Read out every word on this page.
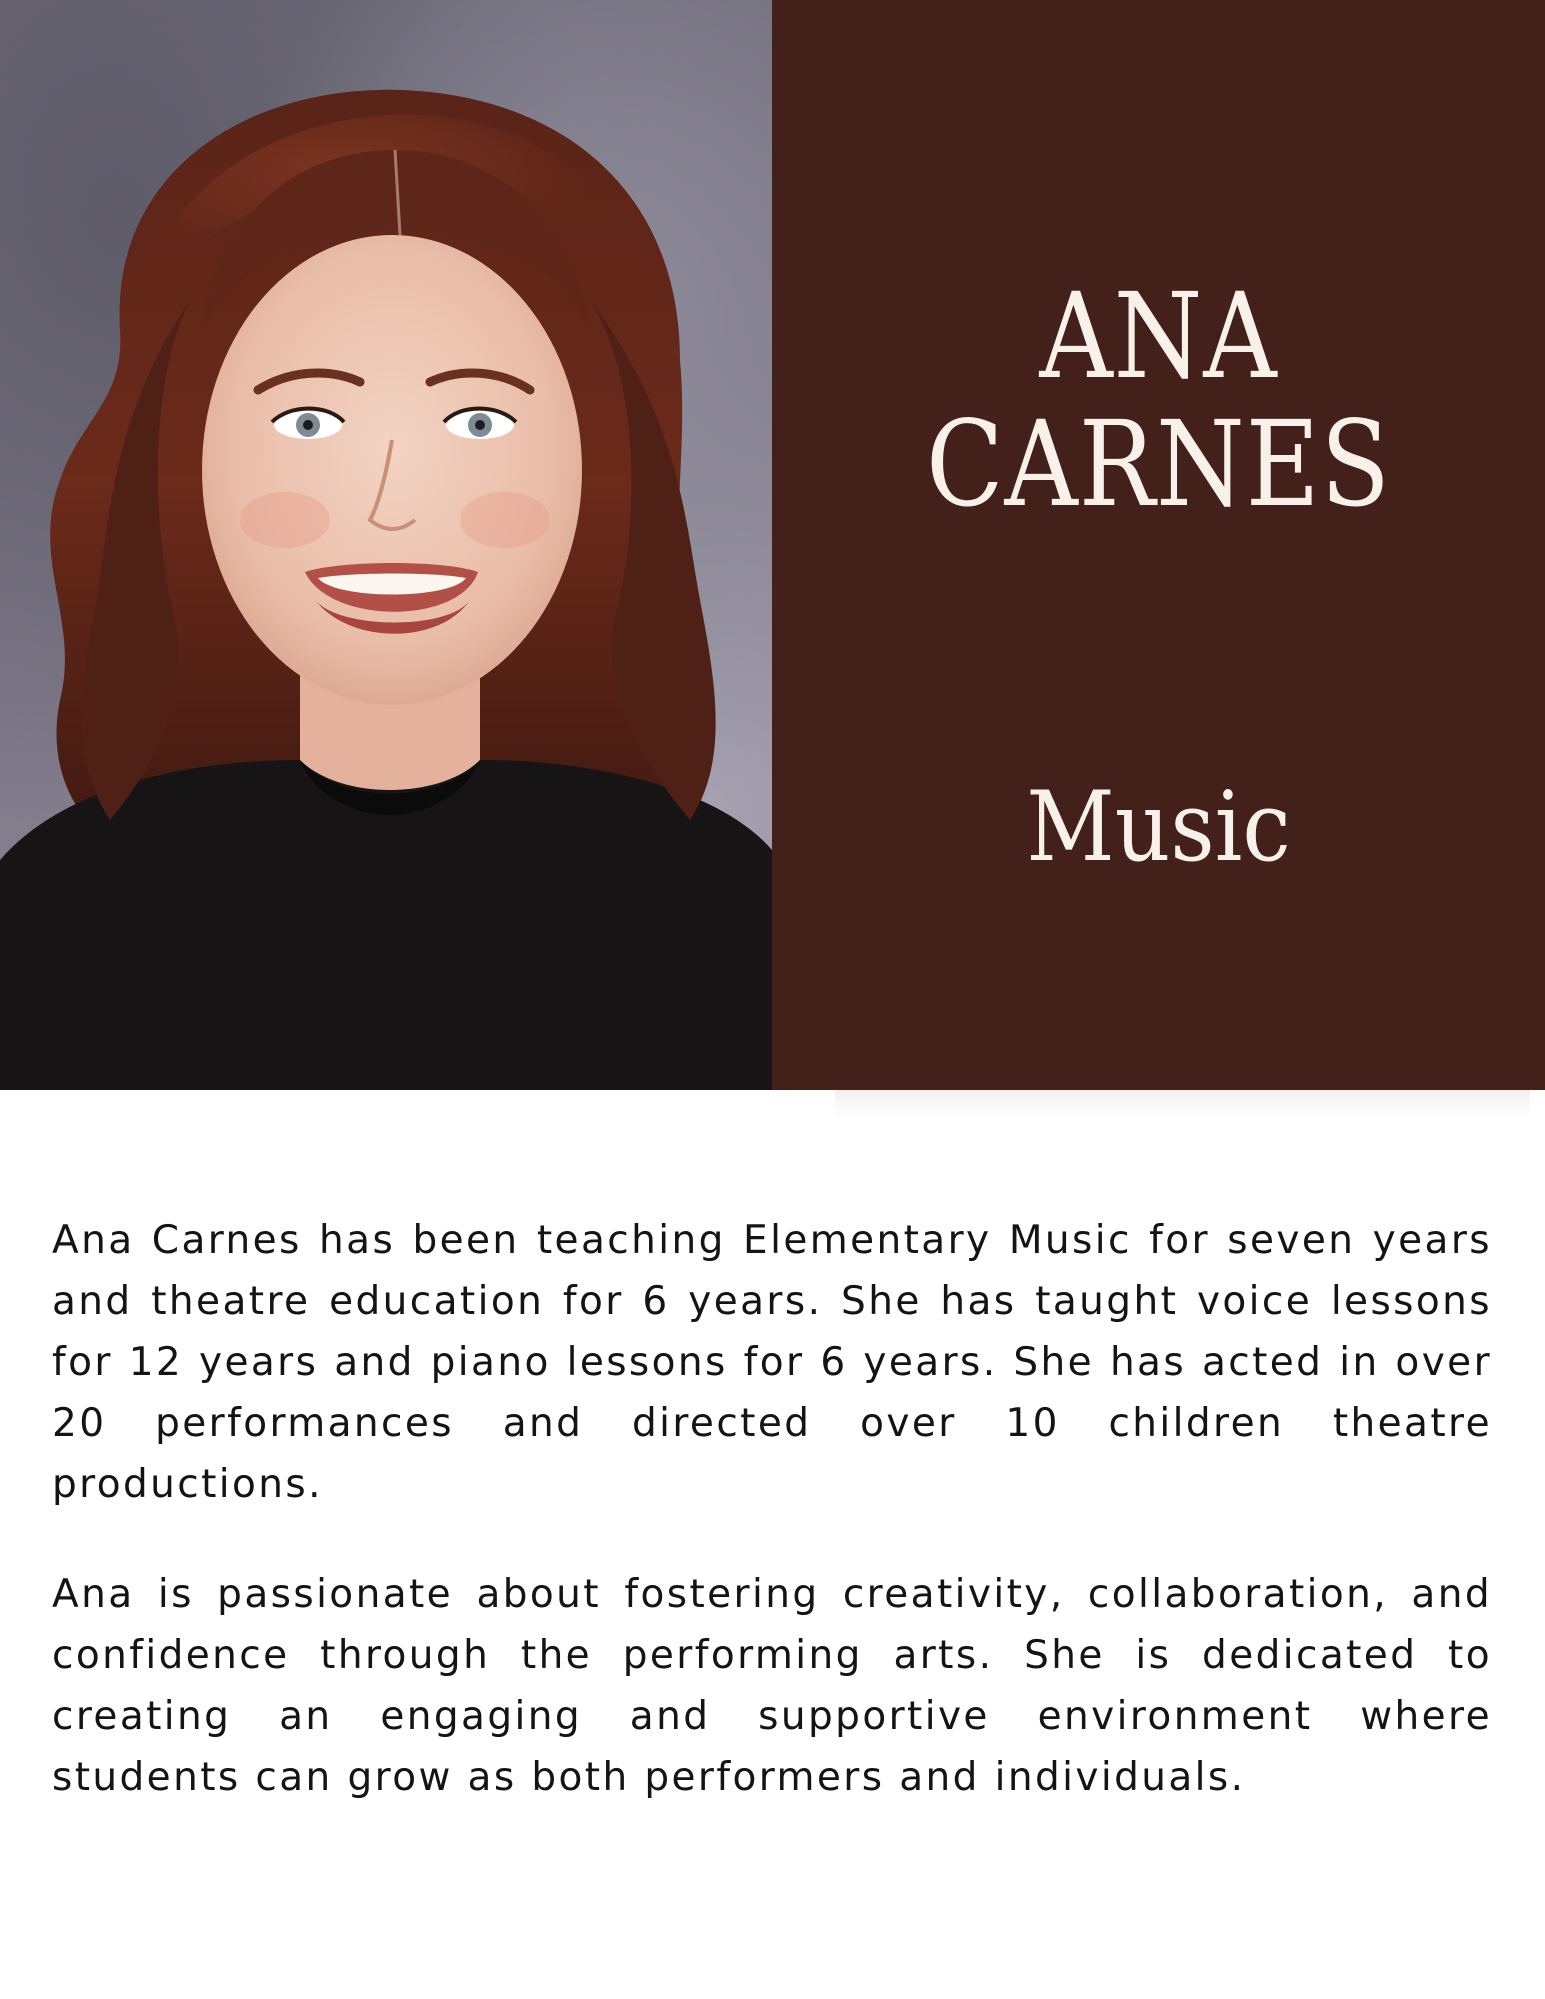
ANA
CARNES
Music

Ana Carnes has been teaching Elementary Music for seven years and theatre education for 6 years. She has taught voice lessons for 12 years and piano lessons for 6 years. She has acted in over 20 performances and directed over 10 children theatre productions.

Ana is passionate about fostering creativity, collaboration, and confidence through the performing arts. She is dedicated to creating an engaging and supportive environment where students can grow as both performers and individuals.
